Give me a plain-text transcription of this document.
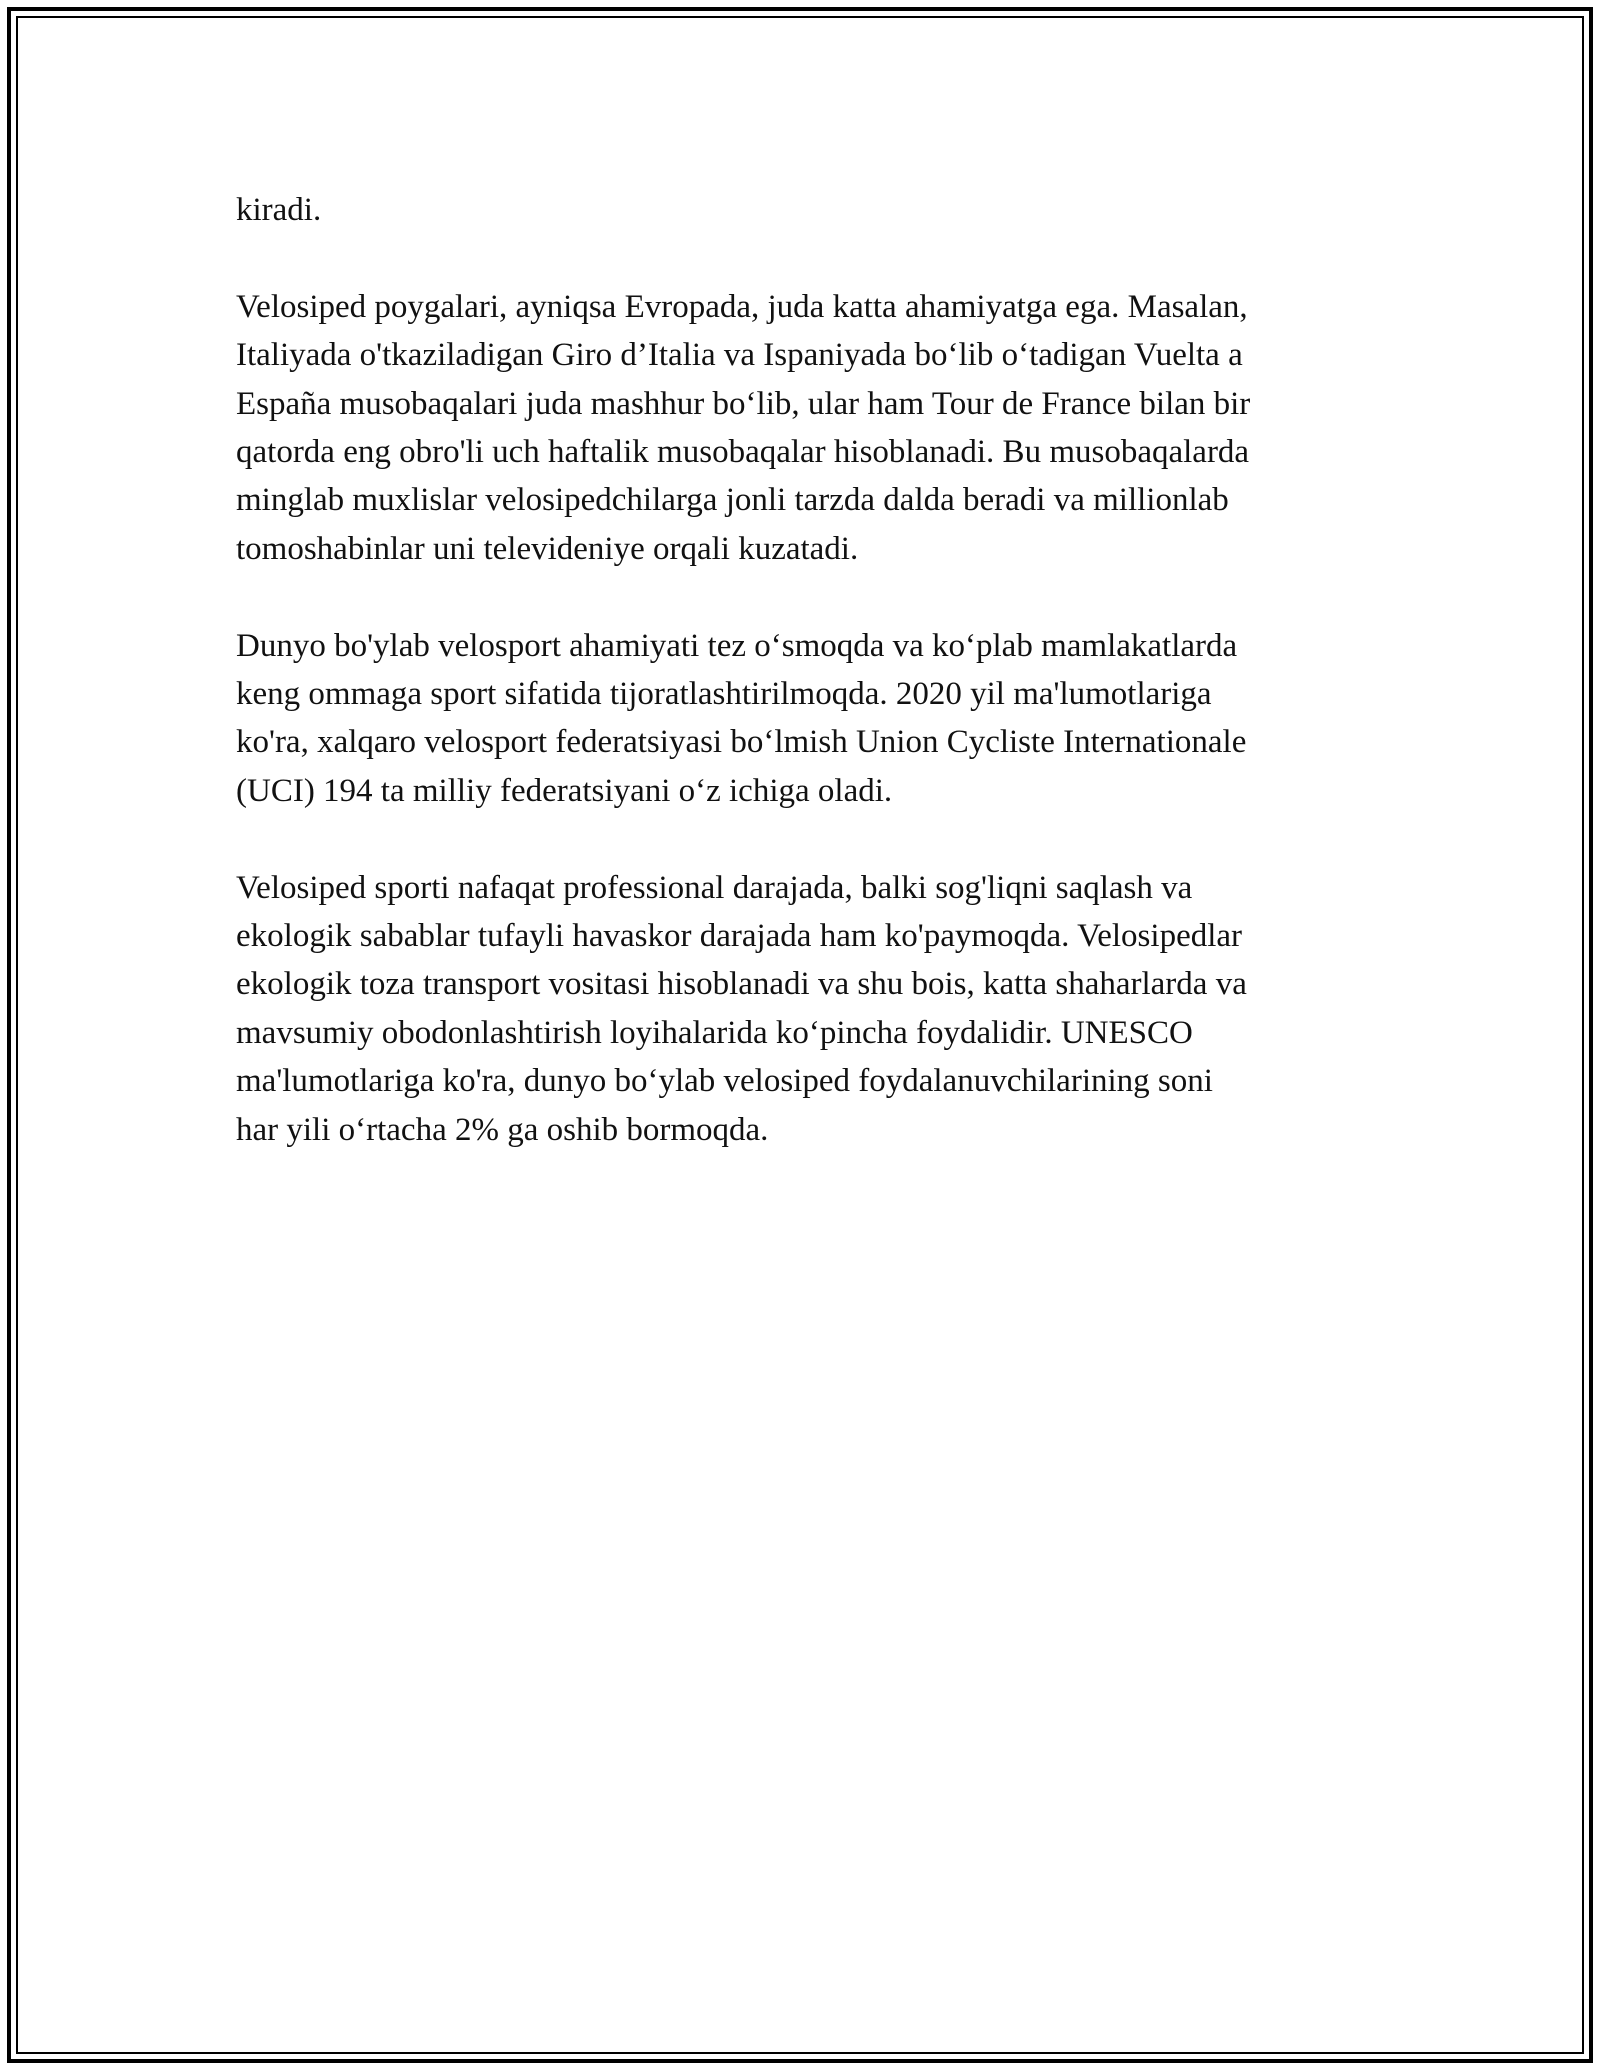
kiradi.

Velosiped poygalari, ayniqsa Evropada, juda katta ahamiyatga ega. Masalan,
Italiyada o'tkaziladigan Giro d’Italia va Ispaniyada bo‘lib o‘tadigan Vuelta a
España musobaqalari juda mashhur bo‘lib, ular ham Tour de France bilan bir
qatorda eng obro'li uch haftalik musobaqalar hisoblanadi. Bu musobaqalarda
minglab muxlislar velosipedchilarga jonli tarzda dalda beradi va millionlab
tomoshabinlar uni televideniye orqali kuzatadi.

Dunyo bo'ylab velosport ahamiyati tez o‘smoqda va ko‘plab mamlakatlarda
keng ommaga sport sifatida tijoratlashtirilmoqda. 2020 yil ma'lumotlariga
ko'ra, xalqaro velosport federatsiyasi bo‘lmish Union Cycliste Internationale
(UCI) 194 ta milliy federatsiyani o‘z ichiga oladi.

Velosiped sporti nafaqat professional darajada, balki sog'liqni saqlash va
ekologik sabablar tufayli havaskor darajada ham ko'paymoqda. Velosipedlar
ekologik toza transport vositasi hisoblanadi va shu bois, katta shaharlarda va
mavsumiy obodonlashtirish loyihalarida ko‘pincha foydalidir. UNESCO
ma'lumotlariga ko'ra, dunyo bo‘ylab velosiped foydalanuvchilarining soni
har yili o‘rtacha 2% ga oshib bormoqda.
